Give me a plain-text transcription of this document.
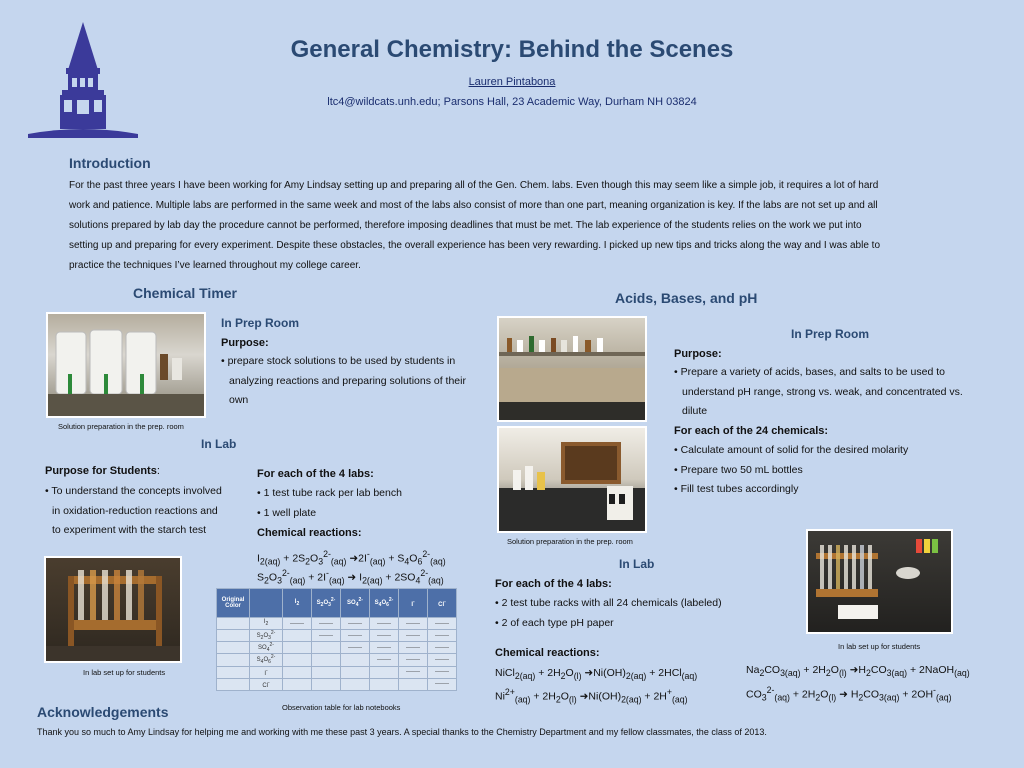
General Chemistry: Behind the Scenes
Lauren Pintabona
ltc4@wildcats.unh.edu; Parsons Hall, 23 Academic Way, Durham NH 03824
Introduction
For the past three years I have been working for Amy Lindsay setting up and preparing all of the Gen. Chem. labs. Even though this may seem like a simple job, it requires a lot of hard
work and patience. Multiple labs are performed in the same week and most of the labs also consist of more than one part, meaning organization is key. If the labs are not set up and all
solutions prepared by lab day the procedure cannot be performed, therefore imposing deadlines that must be met. The lab experience of the students relies on the work we put into
setting up and preparing for every experiment. Despite these obstacles, the overall experience has been very rewarding. I picked up new tips and tricks along the way and I was able to
practice the techniques I’ve learned throughout my college career.
Chemical Timer
Solution preparation in the prep. room
In Prep Room
Purpose:
• prepare stock solutions to be used by students in
analyzing reactions and preparing solutions of their
own
In Lab
Purpose for Students:
• To understand the concepts involved
in oxidation-reduction reactions and
to experiment with the starch test
For each of the 4 labs:
• 1 test tube rack per lab bench
• 1 well plate
Chemical reactions:
$I_{2(aq)} + 2S_2O_3^{2-}_{(aq)}$ $➜2I^-_{(aq)} + S_4O_6^{2-}_{(aq)}$
$S_2O_3^{2-}_{(aq)} + 2I^-_{(aq)}$ ➜ $I_{2(aq)} + 2SO_4^{2-}_{(aq)}$
In lab set up for students
Original Color		$I_2$	$S_2O_3^{2-}$	$SO_4^{2-}$	$S_4O_6^{2-}$	I-	Cl-
	$I_2$	-------	-------	-------	-------	-------	-------
	$S_2O_3^{2-}$		-------	-------	-------	-------	-------
	$SO_4^{2-}$			-------	-------	-------	-------
	$S_4O_6^{2-}$				-------	-------	-------
	I-					-------	-------
	Cl-						-------
Observation table for lab notebooks
Acids, Bases, and pH
Solution preparation in the prep. room
In Prep Room
Purpose:
• Prepare a variety of acids, bases, and salts to be used to
understand pH range, strong vs. weak, and concentrated vs.
dilute
For each of the 24 chemicals:
• Calculate amount of solid for the desired molarity
• Prepare two 50 mL bottles
• Fill test tubes accordingly
In Lab
For each of the 4 labs:
• 2 test tube racks with all 24 chemicals (labeled)
• 2 of each type pH paper
Chemical reactions:
NiCl$_{2(aq)}$ + $2H_2O_{(l)}$ $➜Ni(OH)_{2(aq)} + 2HCl_{(aq)}$
$Ni^{2+}_{(aq)} + 2H_2O_{(l)}$ $➜Ni(OH)_{2(aq)} + 2H^+_{(aq)}$
In lab set up for students
$Na_2CO_{3(aq)} + 2H_2O_{(l)}$ $➜H_2CO_{3(aq)}$ + 2NaOH$_{(aq)}$
$CO_3^{2-}_{(aq)} + 2H_2O_{(l)}$ ➜ $H_2CO_{3(aq)} + 2OH^-_{(aq)}$
Acknowledgements
Thank you so much to Amy Lindsay for helping me and working with me these past 3 years. A special thanks to the Chemistry Department and my fellow classmates, the class of 2013.
